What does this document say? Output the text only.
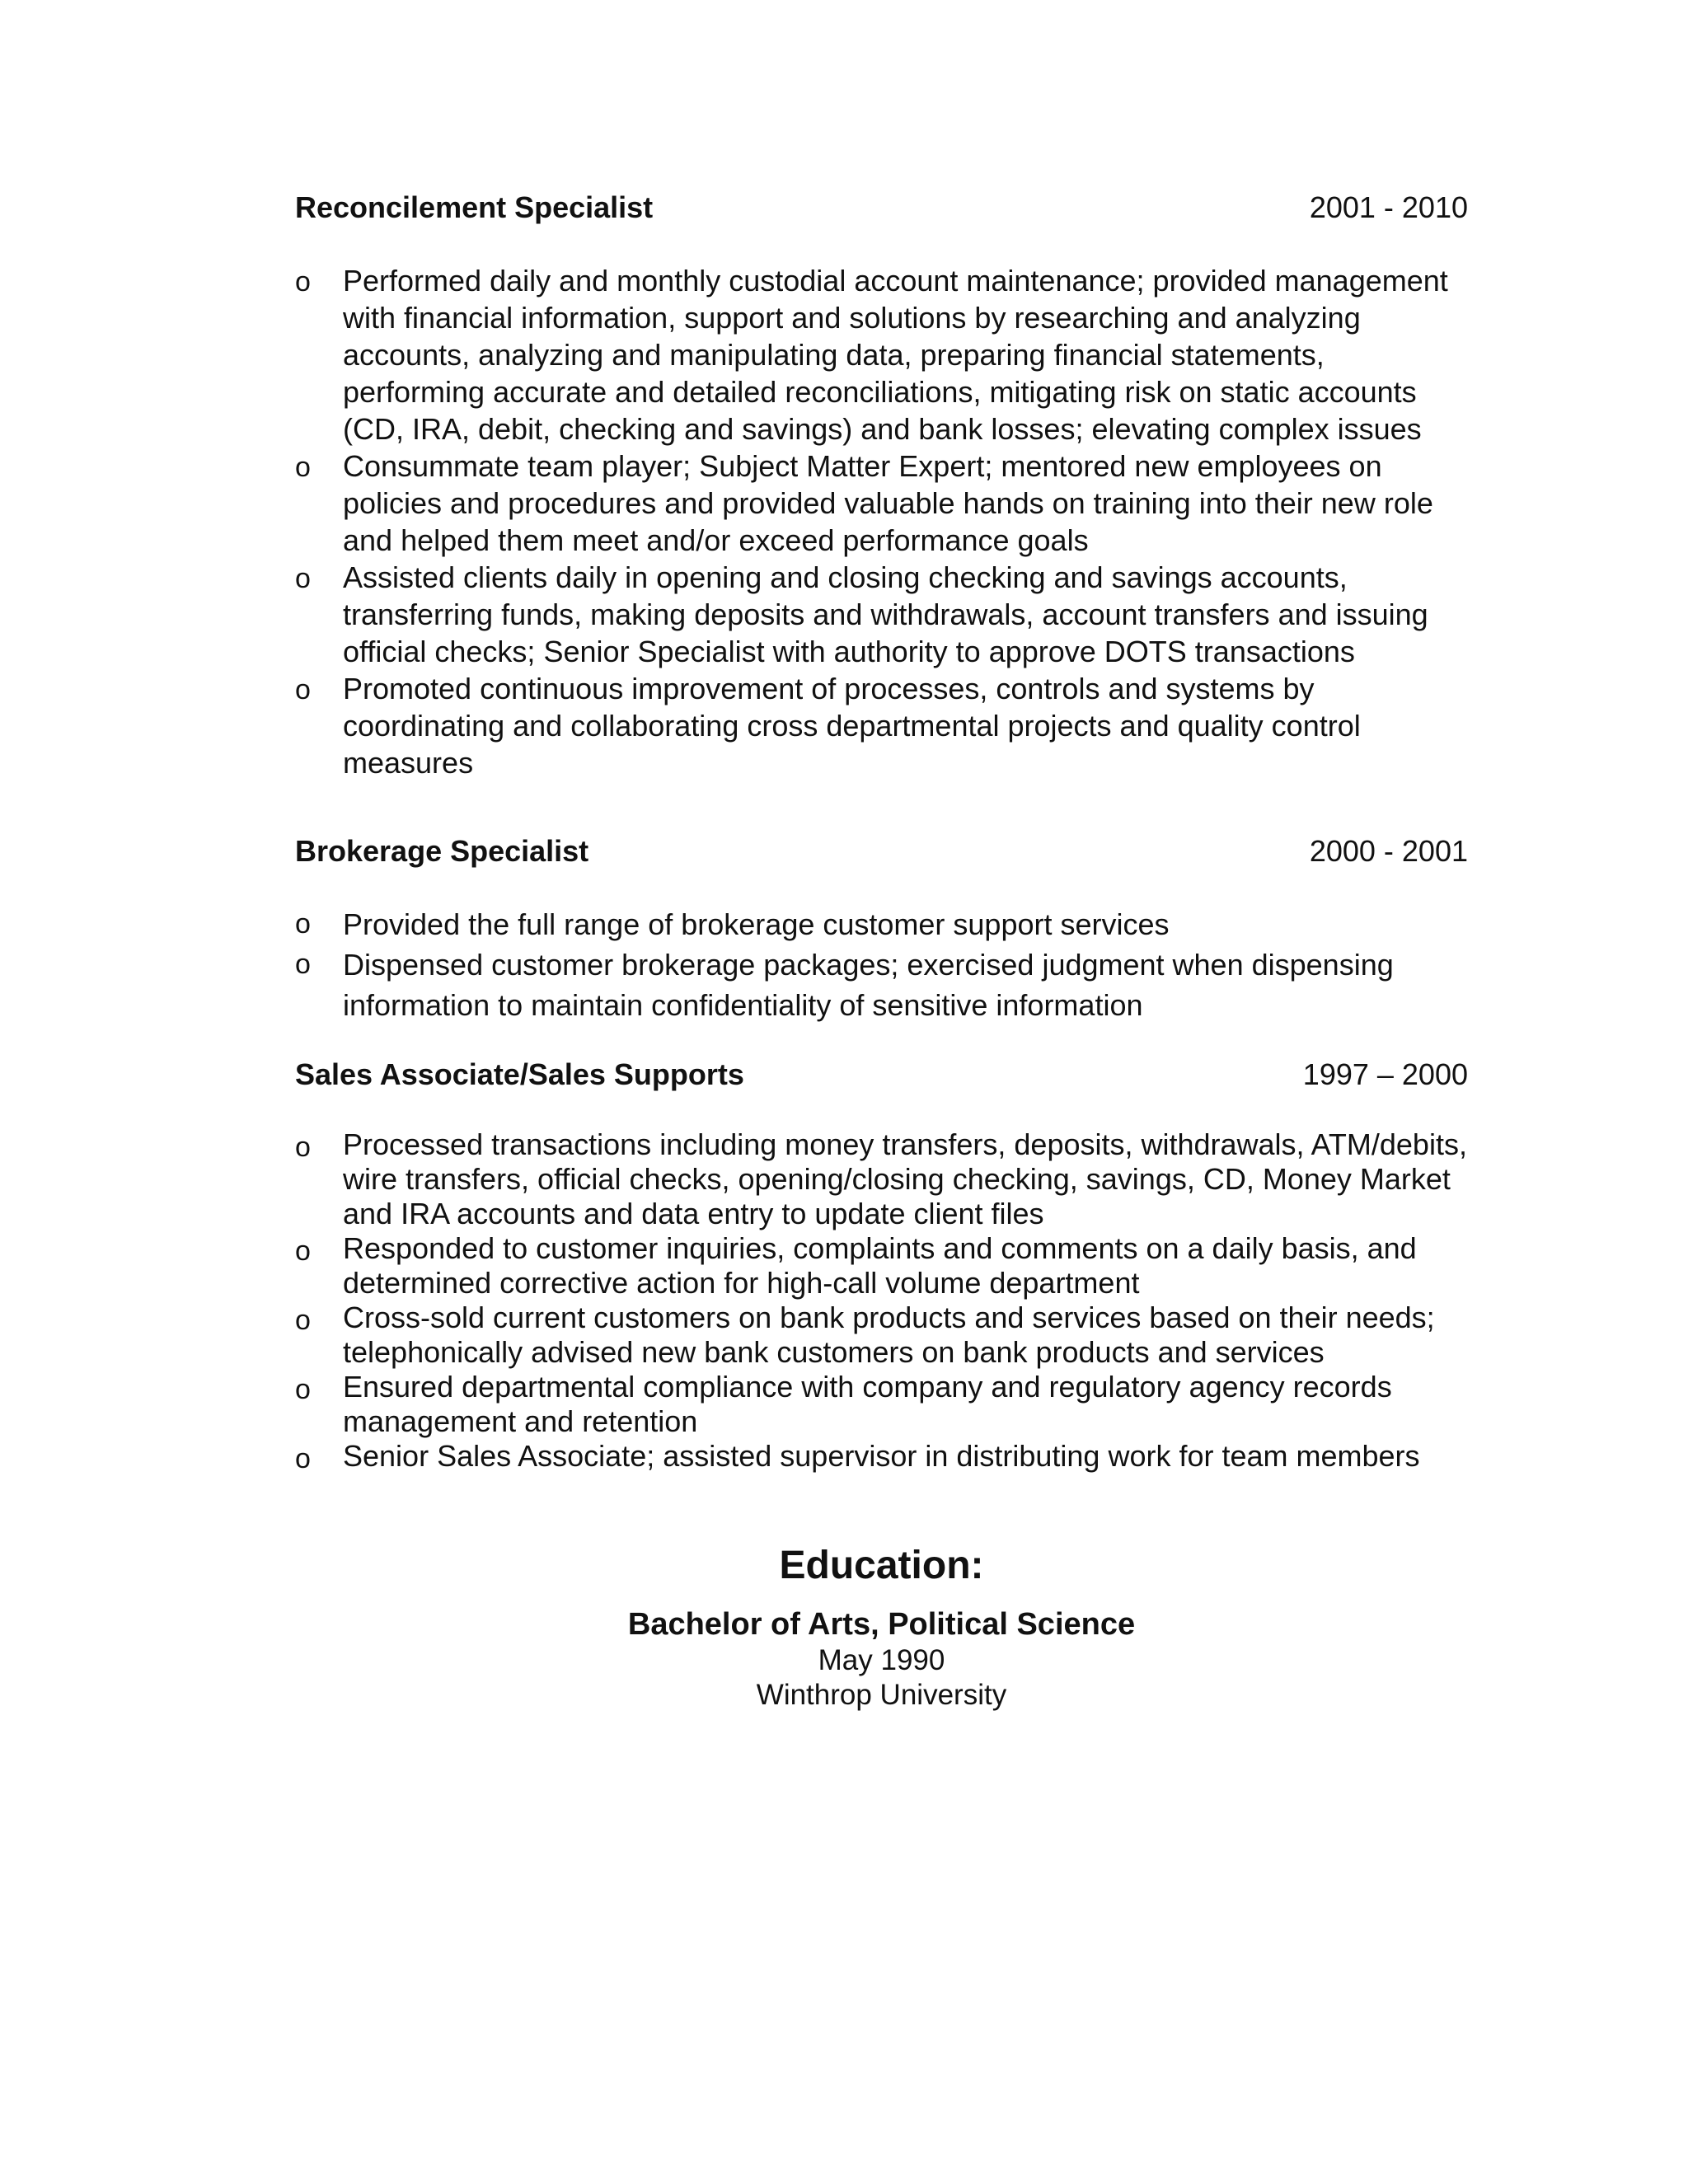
Reconcilement Specialist	2001 - 2010
o	Performed daily and monthly custodial account maintenance; provided management with financial information, support and solutions by researching and analyzing accounts, analyzing and manipulating data, preparing financial statements, performing accurate and detailed reconciliations, mitigating risk on static accounts (CD, IRA, debit, checking and savings) and bank losses; elevating complex issues
o	Consummate team player; Subject Matter Expert; mentored new employees on policies and procedures and provided valuable hands on training into their new role and helped them meet and/or exceed performance goals
o	Assisted clients daily in opening and closing checking and savings accounts, transferring funds, making deposits and withdrawals, account transfers and issuing official checks; Senior Specialist with authority to approve DOTS transactions
o	Promoted continuous improvement of processes, controls and systems by coordinating and collaborating cross departmental projects and quality control measures
Brokerage Specialist	2000 - 2001
o	Provided the full range of brokerage customer support services
o	Dispensed customer brokerage packages; exercised judgment when dispensing information to maintain confidentiality of sensitive information
Sales Associate/Sales Supports	1997 – 2000
o	Processed transactions including money transfers, deposits, withdrawals, ATM/debits, wire transfers, official checks, opening/closing checking, savings, CD, Money Market and IRA accounts and data entry to update client files
o	Responded to customer inquiries, complaints and comments on a daily basis, and determined corrective action for high-call volume department
o	Cross-sold current customers on bank products and services based on their needs; telephonically advised new bank customers on bank products and services
o	Ensured departmental compliance with company and regulatory agency records management and retention
o	Senior Sales Associate; assisted supervisor in distributing work for team members
Education:
Bachelor of Arts, Political Science
May 1990
Winthrop University
